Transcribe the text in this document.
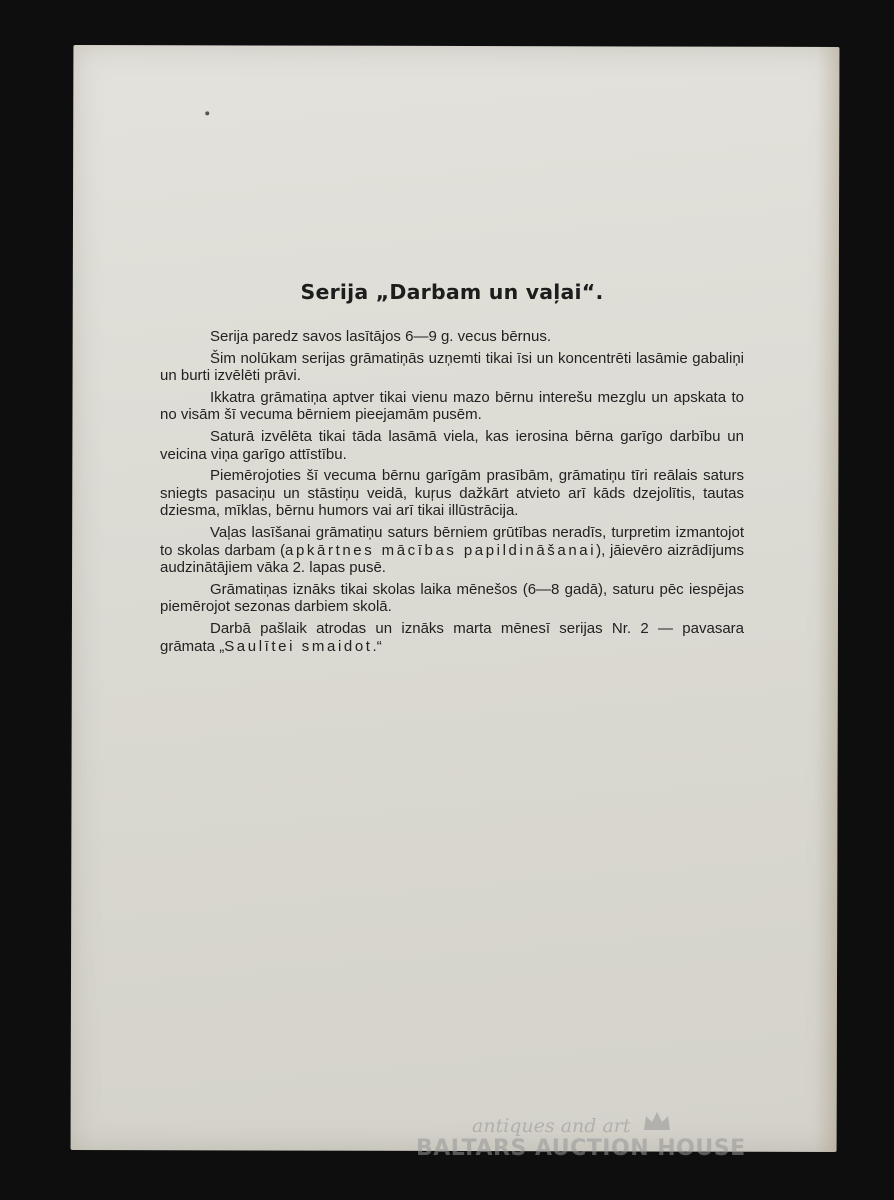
Serija „Darbam un vaļai“.

Serija paredz savos lasītājos 6—9 g. vecus bērnus.

Šim nolūkam serijas grāmatiņās uzņemti tikai īsi un koncentrēti lasāmie gabaliņi un burti izvēlēti prāvi.

Ikkatra grāmatiņa aptver tikai vienu mazo bērnu interešu mezglu un apskata to no visām šī vecuma bērniem pieejamām pusēm.

Saturā izvēlēta tikai tāda lasāmā viela, kas ierosina bērna garīgo darbību un veicina viņa garīgo attīstību.

Piemērojoties šī vecuma bērnu garīgām prasībām, grāmatiņu tīri reālais saturs sniegts pasaciņu un stāstiņu veidā, kuŗus dažkārt atvieto arī kāds dzejolītis, tautas dziesma, mīklas, bērnu humors vai arī tikai illūstrācija.

Vaļas lasīšanai grāmatiņu saturs bērniem grūtības neradīs, turpretim izmantojot to skolas darbam (apkārtnes mācības papildināšanai), jāievēro aizrādījums audzinātājiem vāka 2. lapas pusē.

Grāmatiņas iznāks tikai skolas laika mēnešos (6—8 gadā), saturu pēc iespējas piemērojot sezonas darbiem skolā.

Darbā pašlaik atrodas un iznāks marta mēnesī serijas Nr. 2 — pavasara grāmata „Saulītei smaidot.“

antiques and art
BALTARS AUCTION HOUSE
